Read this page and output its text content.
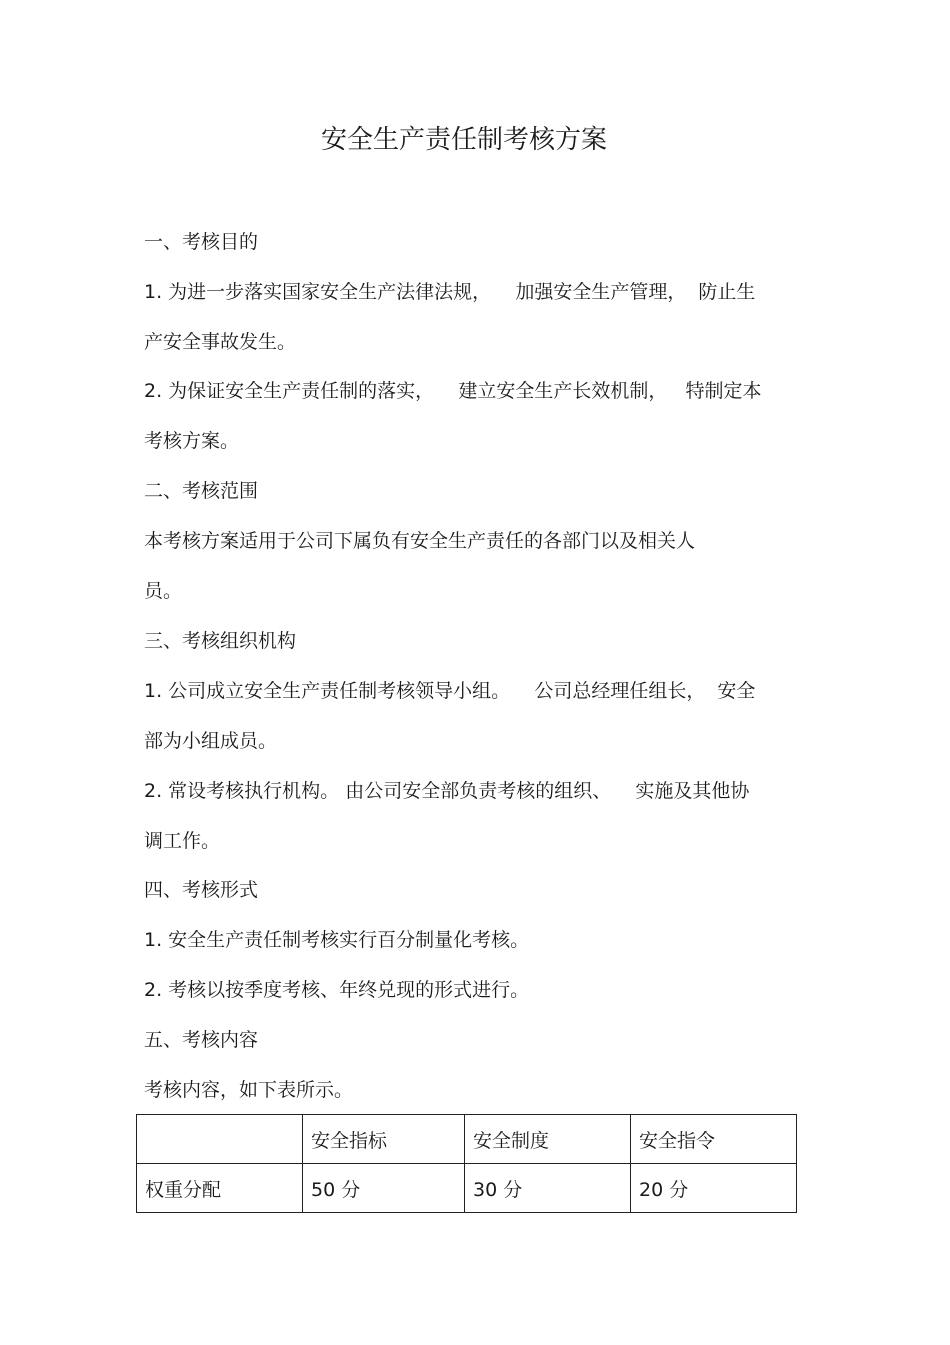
安全生产责任制考核方案
一、考核目的
1. 为进一步落实国家安全生产法律法规，    加强安全生产管理，  防止生
产安全事故发生。
2. 为保证安全生产责任制的落实，    建立安全生产长效机制，   特制定本
考核方案。
二、考核范围
本考核方案适用于公司下属负有安全生产责任的各部门以及相关人
员。
三、考核组织机构
1. 公司成立安全生产责任制考核领导小组。    公司总经理任组长，  安全
部为小组成员。
2. 常设考核执行机构。 由公司安全部负责考核的组织、    实施及其他协
调工作。
四、考核形式
1. 安全生产责任制考核实行百分制量化考核。
2. 考核以按季度考核、年终兑现的形式进行。
五、考核内容
考核内容，如下表所示。
	安全指标	安全制度	安全指令
权重分配	50 分	30 分	20 分
